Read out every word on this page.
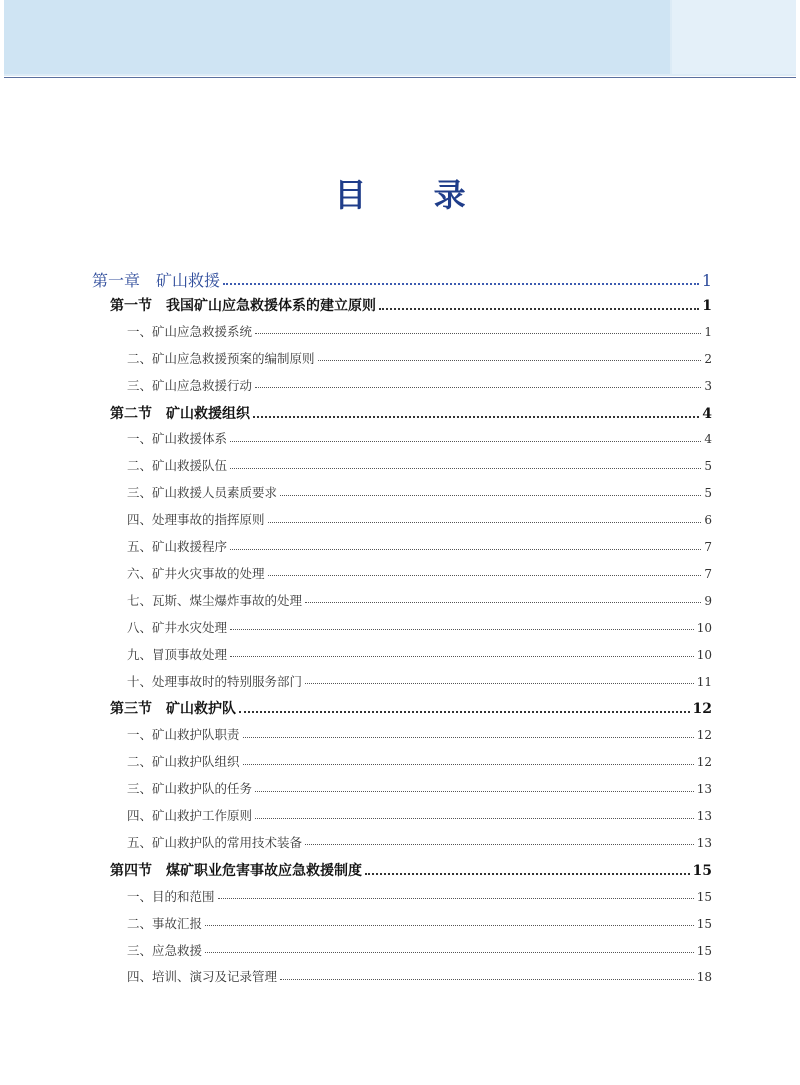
目 录
第一章　矿山救援	1
第一节　我国矿山应急救援体系的建立原则	1
一、矿山应急救援系统	1
二、矿山应急救援预案的编制原则	2
三、矿山应急救援行动	3
第二节　矿山救援组织	4
一、矿山救援体系	4
二、矿山救援队伍	5
三、矿山救援人员素质要求	5
四、处理事故的指挥原则	6
五、矿山救援程序	7
六、矿井火灾事故的处理	7
七、瓦斯、煤尘爆炸事故的处理	9
八、矿井水灾处理	10
九、冒顶事故处理	10
十、处理事故时的特别服务部门	11
第三节　矿山救护队	12
一、矿山救护队职责	12
二、矿山救护队组织	12
三、矿山救护队的任务	13
四、矿山救护工作原则	13
五、矿山救护队的常用技术装备	13
第四节　煤矿职业危害事故应急救援制度	15
一、目的和范围	15
二、事故汇报	15
三、应急救援	15
四、培训、演习及记录管理	18
